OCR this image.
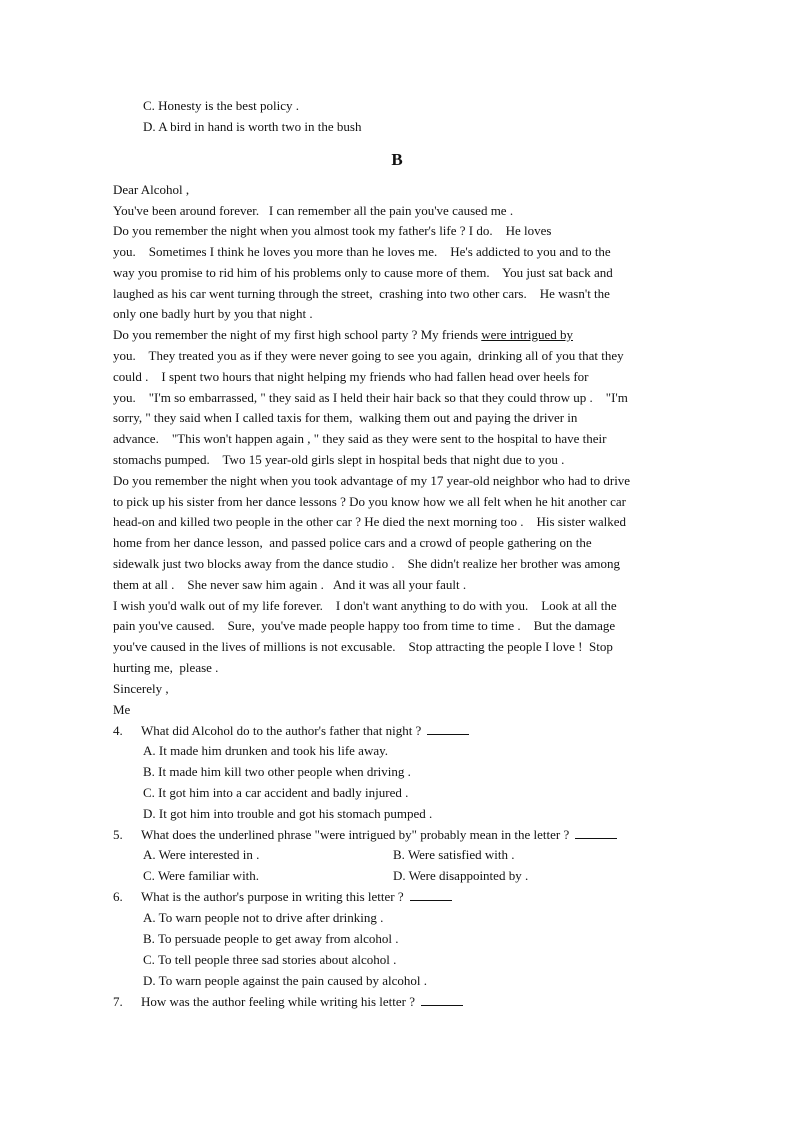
C. Honesty is the best policy .
D. A bird in hand is worth two in the bush
B
Dear Alcohol ,
You've been around forever.   I can remember all the pain you've caused me .
Do you remember the night when you almost took my father's life ? I do.    He loves
you.    Sometimes I think he loves you more than he loves me.    He's addicted to you and to the
way you promise to rid him of his problems only to cause more of them.    You just sat back and
laughed as his car went turning through the street,  crashing into two other cars.    He wasn't the
only one badly hurt by you that night .
Do you remember the night of my first high school party ? My friends were intrigued by
you.    They treated you as if they were never going to see you again,  drinking all of you that they
could .    I spent two hours that night helping my friends who had fallen head over heels for
you.    "I'm so embarrassed, " they said as I held their hair back so that they could throw up .    "I'm
sorry, " they said when I called taxis for them,  walking them out and paying the driver in
advance.    "This won't happen again , " they said as they were sent to the hospital to have their
stomachs pumped.    Two 15 year-old girls slept in hospital beds that night due to you .
Do you remember the night when you took advantage of my 17 year-old neighbor who had to drive
to pick up his sister from her dance lessons ? Do you know how we all felt when he hit another car
head-on and killed two people in the other car ? He died the next morning too .    His sister walked
home from her dance lesson,  and passed police cars and a crowd of people gathering on the
sidewalk just two blocks away from the dance studio .    She didn't realize her brother was among
them at all .    She never saw him again .   And it was all your fault .
I wish you'd walk out of my life forever.    I don't want anything to do with you.    Look at all the
pain you've caused.    Sure,  you've made people happy too from time to time .    But the damage
you've caused in the lives of millions is not excusable.    Stop attracting the people I love !  Stop
hurting me,  please .
Sincerely ,
Me
4. What did Alcohol do to the author's father that night ?
A. It made him drunken and took his life away.
B. It made him kill two other people when driving .
C. It got him into a car accident and badly injured .
D. It got him into trouble and got his stomach pumped .
5. What does the underlined phrase "were intrigued by" probably mean in the letter ?
A. Were interested in .	B. Were satisfied with .
C. Were familiar with.	D. Were disappointed by .
6. What is the author's purpose in writing this letter ?
A. To warn people not to drive after drinking .
B. To persuade people to get away from alcohol .
C. To tell people three sad stories about alcohol .
D. To warn people against the pain caused by alcohol .
7. How was the author feeling while writing his letter ?
